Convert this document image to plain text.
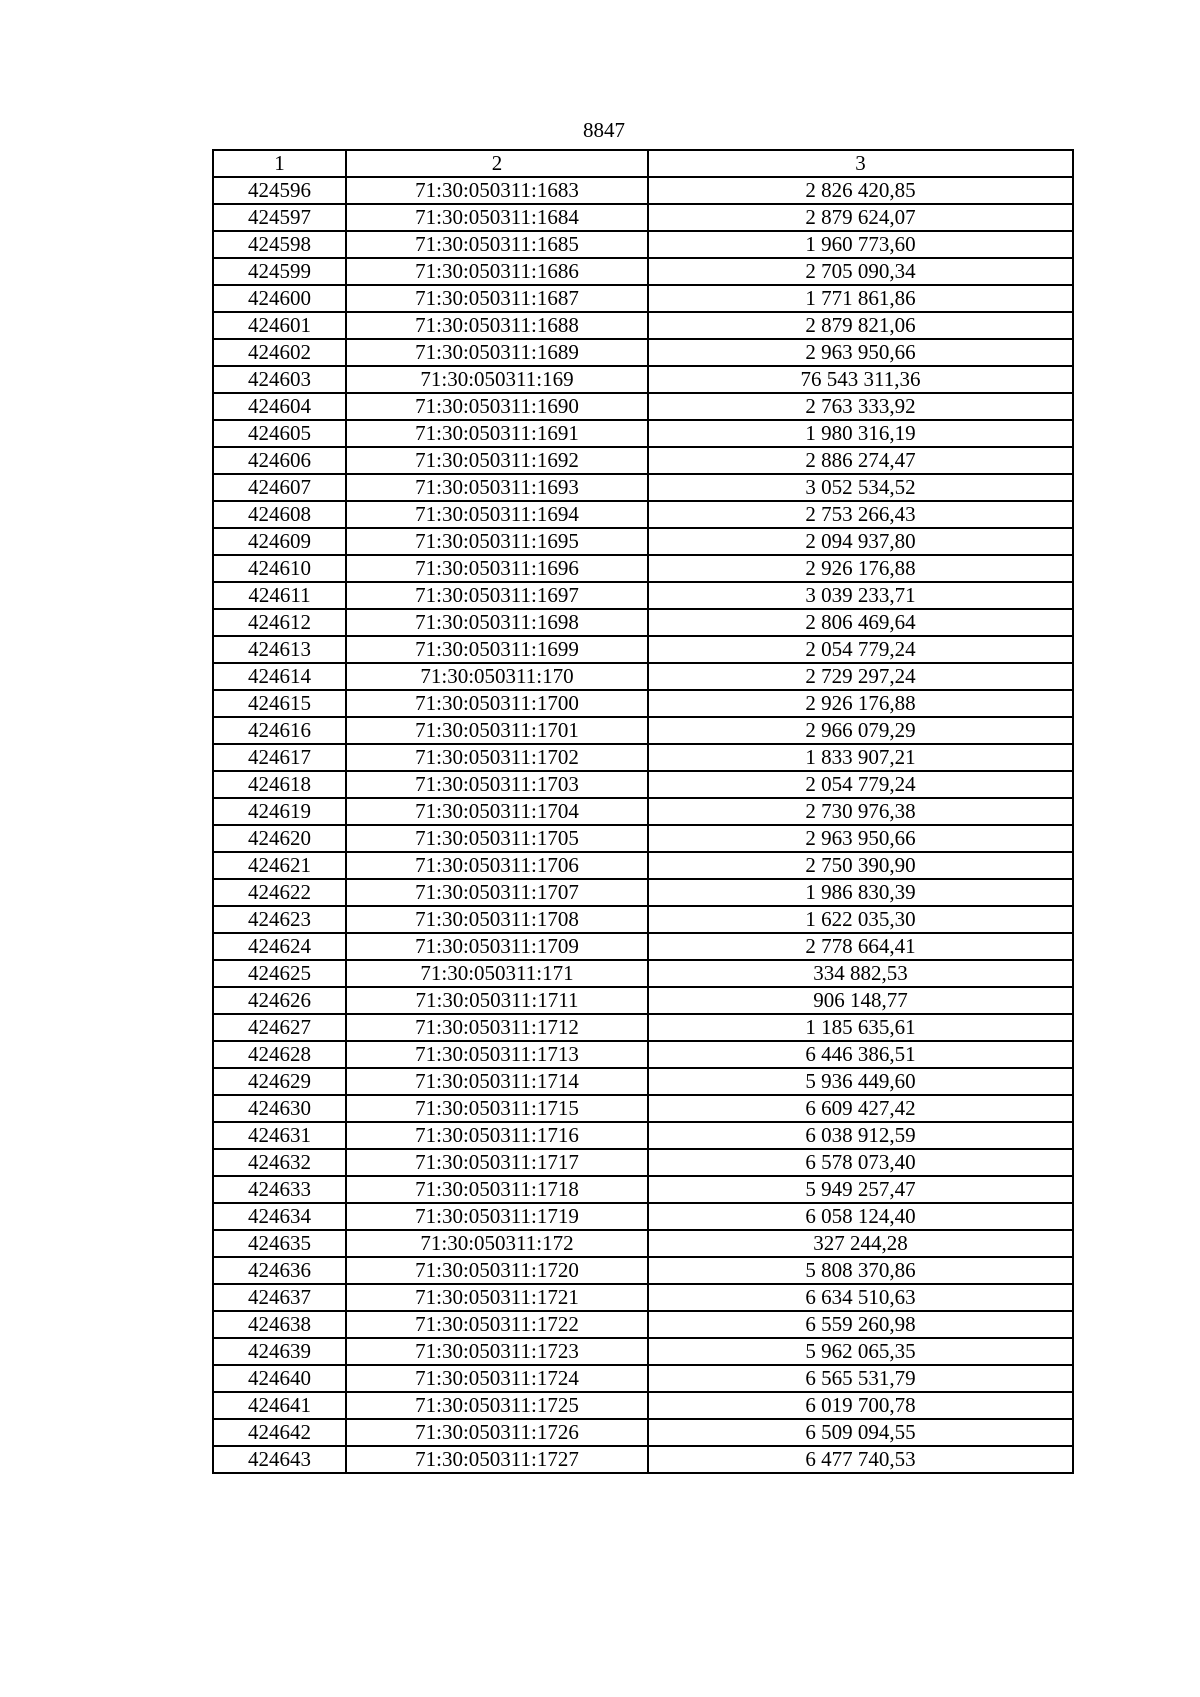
8847
1	2	3
424596	71:30:050311:1683	2 826 420,85
424597	71:30:050311:1684	2 879 624,07
424598	71:30:050311:1685	1 960 773,60
424599	71:30:050311:1686	2 705 090,34
424600	71:30:050311:1687	1 771 861,86
424601	71:30:050311:1688	2 879 821,06
424602	71:30:050311:1689	2 963 950,66
424603	71:30:050311:169	76 543 311,36
424604	71:30:050311:1690	2 763 333,92
424605	71:30:050311:1691	1 980 316,19
424606	71:30:050311:1692	2 886 274,47
424607	71:30:050311:1693	3 052 534,52
424608	71:30:050311:1694	2 753 266,43
424609	71:30:050311:1695	2 094 937,80
424610	71:30:050311:1696	2 926 176,88
424611	71:30:050311:1697	3 039 233,71
424612	71:30:050311:1698	2 806 469,64
424613	71:30:050311:1699	2 054 779,24
424614	71:30:050311:170	2 729 297,24
424615	71:30:050311:1700	2 926 176,88
424616	71:30:050311:1701	2 966 079,29
424617	71:30:050311:1702	1 833 907,21
424618	71:30:050311:1703	2 054 779,24
424619	71:30:050311:1704	2 730 976,38
424620	71:30:050311:1705	2 963 950,66
424621	71:30:050311:1706	2 750 390,90
424622	71:30:050311:1707	1 986 830,39
424623	71:30:050311:1708	1 622 035,30
424624	71:30:050311:1709	2 778 664,41
424625	71:30:050311:171	334 882,53
424626	71:30:050311:1711	906 148,77
424627	71:30:050311:1712	1 185 635,61
424628	71:30:050311:1713	6 446 386,51
424629	71:30:050311:1714	5 936 449,60
424630	71:30:050311:1715	6 609 427,42
424631	71:30:050311:1716	6 038 912,59
424632	71:30:050311:1717	6 578 073,40
424633	71:30:050311:1718	5 949 257,47
424634	71:30:050311:1719	6 058 124,40
424635	71:30:050311:172	327 244,28
424636	71:30:050311:1720	5 808 370,86
424637	71:30:050311:1721	6 634 510,63
424638	71:30:050311:1722	6 559 260,98
424639	71:30:050311:1723	5 962 065,35
424640	71:30:050311:1724	6 565 531,79
424641	71:30:050311:1725	6 019 700,78
424642	71:30:050311:1726	6 509 094,55
424643	71:30:050311:1727	6 477 740,53
